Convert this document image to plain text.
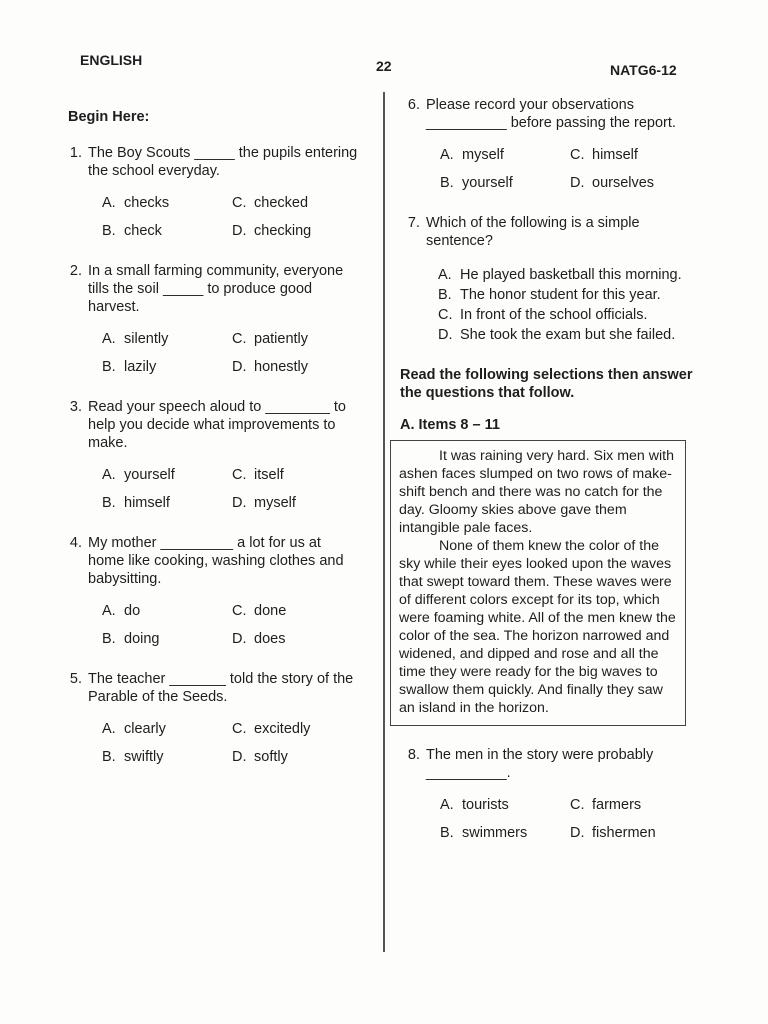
ENGLISH	22	NATG6-12
Begin Here:
1. The Boy Scouts _____ the pupils entering the school everyday.
A. checks	C. checked
B. check	D. checking
2. In a small farming community, everyone tills the soil _____ to produce good harvest.
A. silently	C. patiently
B. lazily	D. honestly
3. Read your speech aloud to ________ to help you decide what improvements to make.
A. yourself	C. itself
B. himself	D. myself
4. My mother _________ a lot for us at home like cooking, washing clothes and babysitting.
A. do	C. done
B. doing	D. does
5. The teacher _______ told the story of the Parable of the Seeds.
A. clearly	C. excitedly
B. swiftly	D. softly
6. Please record your observations __________ before passing the report.
A. myself	C. himself
B. yourself	D. ourselves
7. Which of the following is a simple sentence?
A. He played basketball this morning.
B. The honor student for this year.
C. In front of the school officials.
D. She took the exam but she failed.
Read the following selections then answer the questions that follow.
A. Items 8 – 11

It was raining very hard. Six men with ashen faces slumped on two rows of make-shift bench and there was no catch for the day. Gloomy skies above gave them intangible pale faces.

None of them knew the color of the sky while their eyes looked upon the waves that swept toward them. These waves were of different colors except for its top, which were foaming white. All of the men knew the color of the sea. The horizon narrowed and widened, and dipped and rose and all the time they were ready for the big waves to swallow them quickly. And finally they saw an island in the horizon.

8. The men in the story were probably
__________.
A. tourists	C. farmers
B. swimmers	D. fishermen
